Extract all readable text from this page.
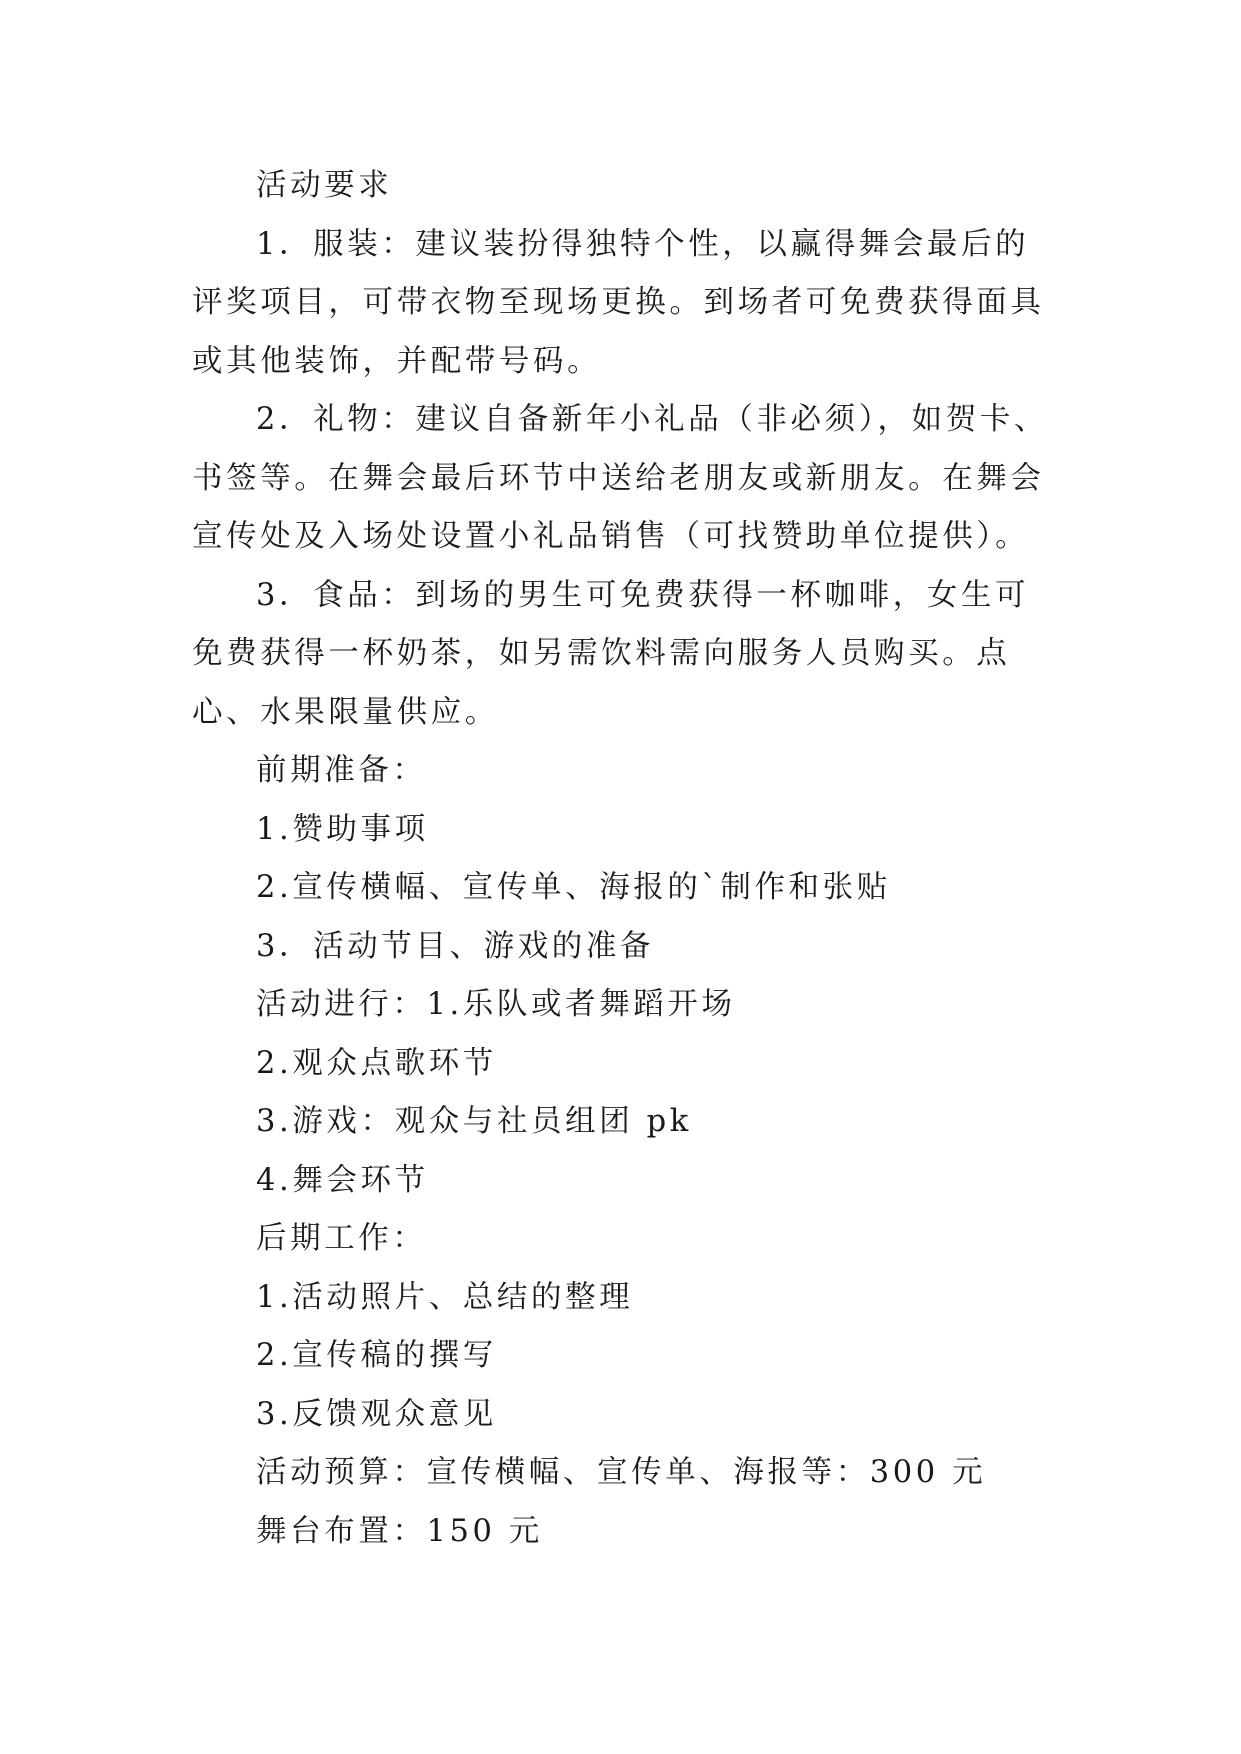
活动要求

1．服装：建议装扮得独特个性，以赢得舞会最后的评奖项目，可带衣物至现场更换。到场者可免费获得面具或其他装饰，并配带号码。

2．礼物：建议自备新年小礼品（非必须），如贺卡、书签等。在舞会最后环节中送给老朋友或新朋友。在舞会宣传处及入场处设置小礼品销售（可找赞助单位提供）。

3．食品：到场的男生可免费获得一杯咖啡，女生可免费获得一杯奶茶，如另需饮料需向服务人员购买。点心、水果限量供应。

前期准备：

1.赞助事项

2.宣传横幅、宣传单、海报的`制作和张贴

3．活动节目、游戏的准备

活动进行：1.乐队或者舞蹈开场

2.观众点歌环节

3.游戏：观众与社员组团 pk

4.舞会环节

后期工作：

1.活动照片、总结的整理

2.宣传稿的撰写

3.反馈观众意见

活动预算：宣传横幅、宣传单、海报等：300 元

舞台布置：150 元
